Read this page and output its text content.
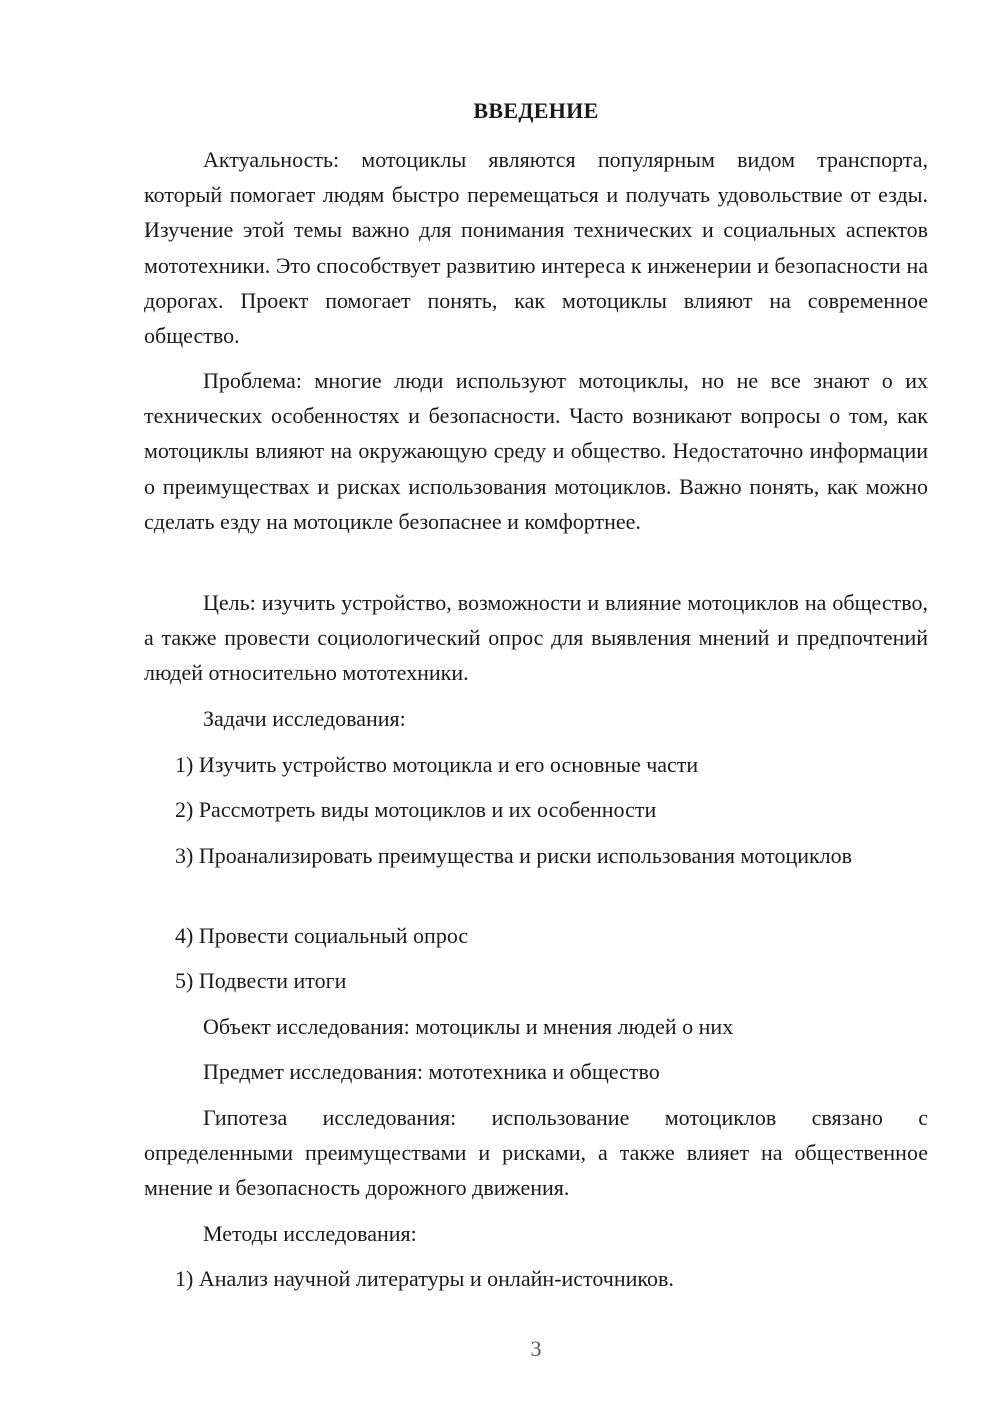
ВВЕДЕНИЕ

Актуальность: мотоциклы являются популярным видом транспорта, который помогает людям быстро перемещаться и получать удовольствие от езды. Изучение этой темы важно для понимания технических и социальных аспектов мототехники. Это способствует развитию интереса к инженерии и безопасности на дорогах. Проект помогает понять, как мотоциклы влияют на современное общество.

Проблема: многие люди используют мотоциклы, но не все знают о их технических особенностях и безопасности. Часто возникают вопросы о том, как мотоциклы влияют на окружающую среду и общество. Недостаточно информации о преимуществах и рисках использования мотоциклов. Важно понять, как можно сделать езду на мотоцикле безопаснее и комфортнее.

Цель: изучить устройство, возможности и влияние мотоциклов на общество, а также провести социологический опрос для выявления мнений и предпочтений людей относительно мототехники.

Задачи исследования:

1) Изучить устройство мотоцикла и его основные части

2) Рассмотреть виды мотоциклов и их особенности

3) Проанализировать преимущества и риски использования мотоциклов

4) Провести социальный опрос

5) Подвести итоги

Объект исследования: мотоциклы и мнения людей о них

Предмет исследования: мототехника и общество

Гипотеза исследования: использование мотоциклов связано с определенными преимуществами и рисками, а также влияет на общественное мнение и безопасность дорожного движения.

Методы исследования:

1) Анализ научной литературы и онлайн-источников.

3
